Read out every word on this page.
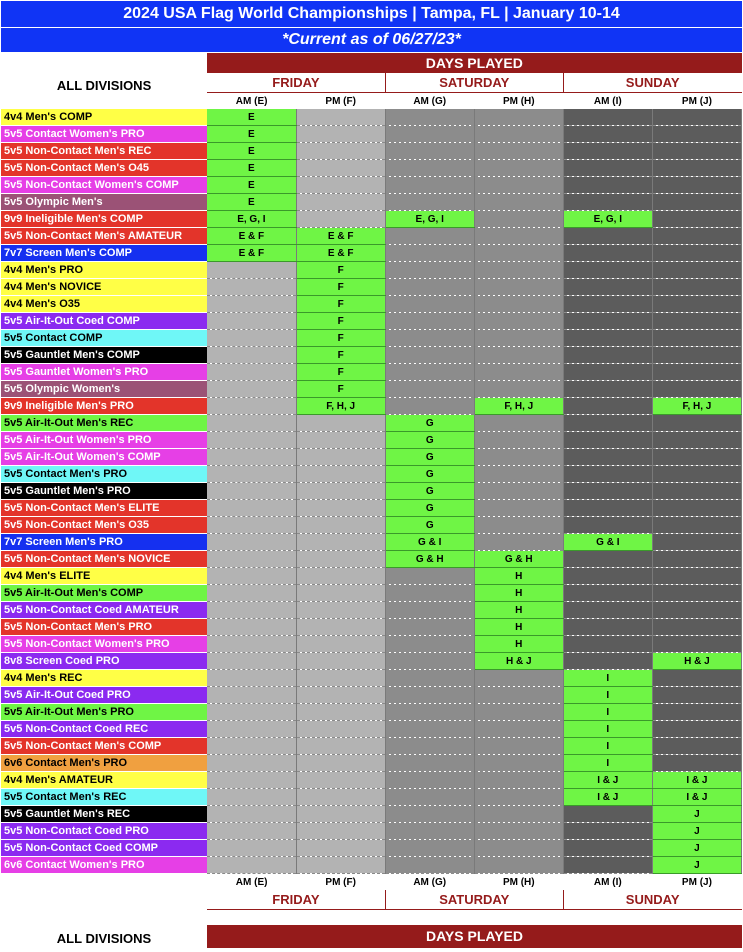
2024 USA Flag World Championships | Tampa, FL | January 10-14
*Current as of 06/27/23*
ALL DIVISIONS	DAYS PLAYED					
	FRIDAY		SATURDAY		SUNDAY	
	AM (E)	PM (F)	AM (G)	PM (H)	AM (I)	PM (J)
4v4 Men's COMP	E					
5v5 Contact Women's PRO	E					
5v5 Non-Contact Men's REC	E					
5v5 Non-Contact Men's O45	E					
5v5 Non-Contact Women's COMP	E					
5v5 Olympic Men's	E					
9v9 Ineligible Men's COMP	E, G, I		E, G, I		E, G, I	
5v5 Non-Contact Men's AMATEUR	E & F	E & F				
7v7 Screen Men's COMP	E & F	E & F				
4v4 Men's PRO		F				
4v4 Men's NOVICE		F				
4v4 Men's O35		F				
5v5 Air-It-Out Coed COMP		F				
5v5 Contact COMP		F				
5v5 Gauntlet Men's COMP		F				
5v5 Gauntlet Women's PRO		F				
5v5 Olympic Women's		F				
9v9 Ineligible Men's PRO		F, H, J		F, H, J		F, H, J
5v5 Air-It-Out Men's REC			G			
5v5 Air-It-Out Women's PRO			G			
5v5 Air-It-Out Women's COMP			G			
5v5 Contact Men's PRO			G			
5v5 Gauntlet Men's PRO			G			
5v5 Non-Contact Men's ELITE			G			
5v5 Non-Contact Men's O35			G			
7v7 Screen Men's PRO			G & I		G & I	
5v5 Non-Contact Men's NOVICE			G & H	G & H		
4v4 Men's ELITE				H		
5v5 Air-It-Out Men's COMP				H		
5v5 Non-Contact Coed AMATEUR				H		
5v5 Non-Contact Men's PRO				H		
5v5 Non-Contact Women's PRO				H		
8v8 Screen Coed PRO				H & J		H & J
4v4 Men's REC					I	
5v5 Air-It-Out Coed PRO					I	
5v5 Air-It-Out Men's PRO					I	
5v5 Non-Contact Coed REC					I	
5v5 Non-Contact Men's COMP					I	
6v6 Contact Men's PRO					I	
4v4 Men's AMATEUR					I & J	I & J
5v5 Contact Men's REC					I & J	I & J
5v5 Gauntlet Men's REC						J
5v5 Non-Contact Coed PRO						J
5v5 Non-Contact Coed COMP						J
6v6 Contact Women's PRO						J
	AM (E)	PM (F)	AM (G)	PM (H)	AM (I)	PM (J)
	FRIDAY		SATURDAY		SUNDAY	
ALL DIVISIONS	DAYS PLAYED
